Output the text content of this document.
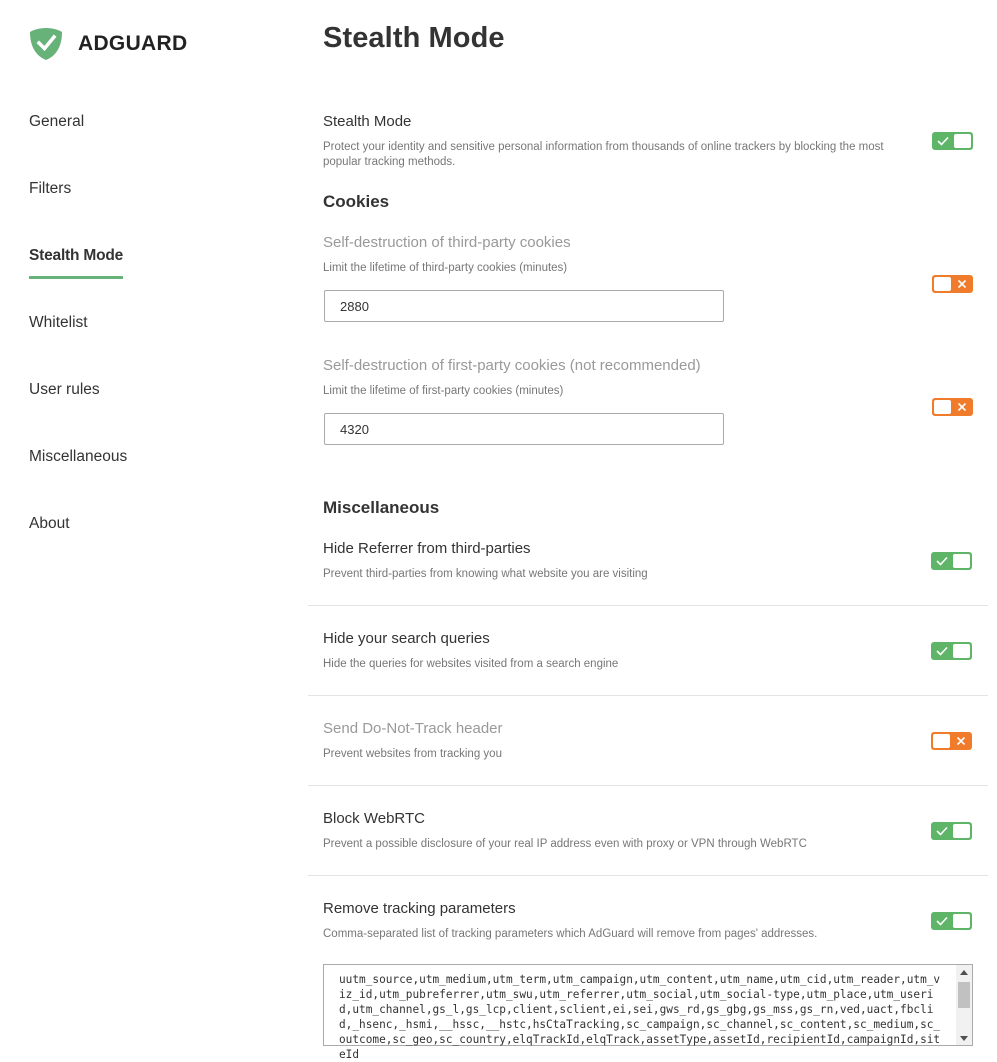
ADGUARD
General
Filters
Stealth Mode
Whitelist
User rules
Miscellaneous
About
Stealth Mode
Stealth Mode
Protect your identity and sensitive personal information from thousands of online trackers by blocking the most popular tracking methods.
Cookies
Self-destruction of third-party cookies
Limit the lifetime of third-party cookies (minutes)
2880
Self-destruction of first-party cookies (not recommended)
Limit the lifetime of first-party cookies (minutes)
4320
Miscellaneous
Hide Referrer from third-parties
Prevent third-parties from knowing what website you are visiting
Hide your search queries
Hide the queries for websites visited from a search engine
Send Do-Not-Track header
Prevent websites from tracking you
Block WebRTC
Prevent a possible disclosure of your real IP address even with proxy or VPN through WebRTC
Remove tracking parameters
Comma-separated list of tracking parameters which AdGuard will remove from pages' addresses.
uutm_source,utm_medium,utm_term,utm_campaign,utm_content,utm_name,utm_cid,utm_reader,utm_viz_id,utm_pubreferrer,utm_swu,utm_referrer,utm_social,utm_social-type,utm_place,utm_userid,utm_channel,gs_l,gs_lcp,client,sclient,ei,sei,gws_rd,gs_gbg,gs_mss,gs_rn,ved,uact,fbclid,_hsenc,_hsmi,__hssc,__hstc,hsCtaTracking,sc_campaign,sc_channel,sc_content,sc_medium,sc_outcome,sc_geo,sc_country,elqTrackId,elqTrack,assetType,assetId,recipientId,campaignId,siteId
